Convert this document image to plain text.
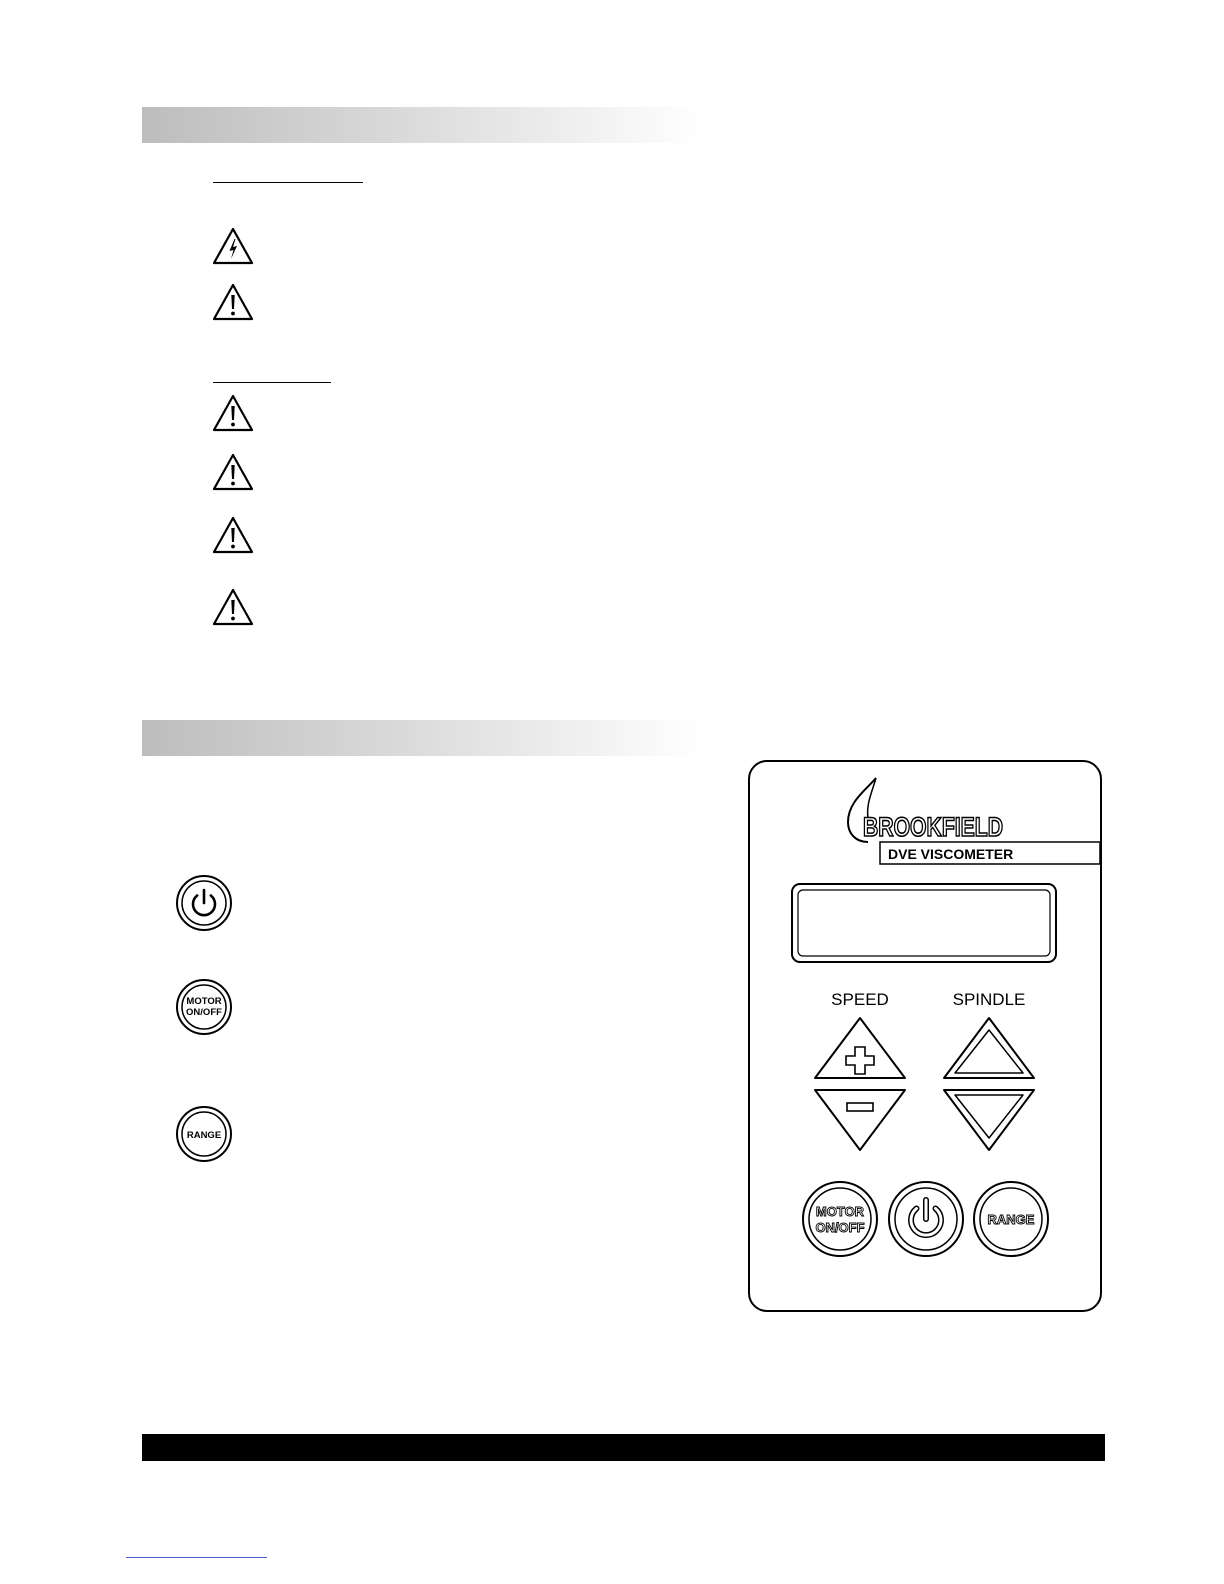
MOTOR
ON/OFF
RANGE
BROOKFIELD
DVE VISCOMETER
SPEED	SPINDLE
MOTOR
ON/OFF
RANGE
